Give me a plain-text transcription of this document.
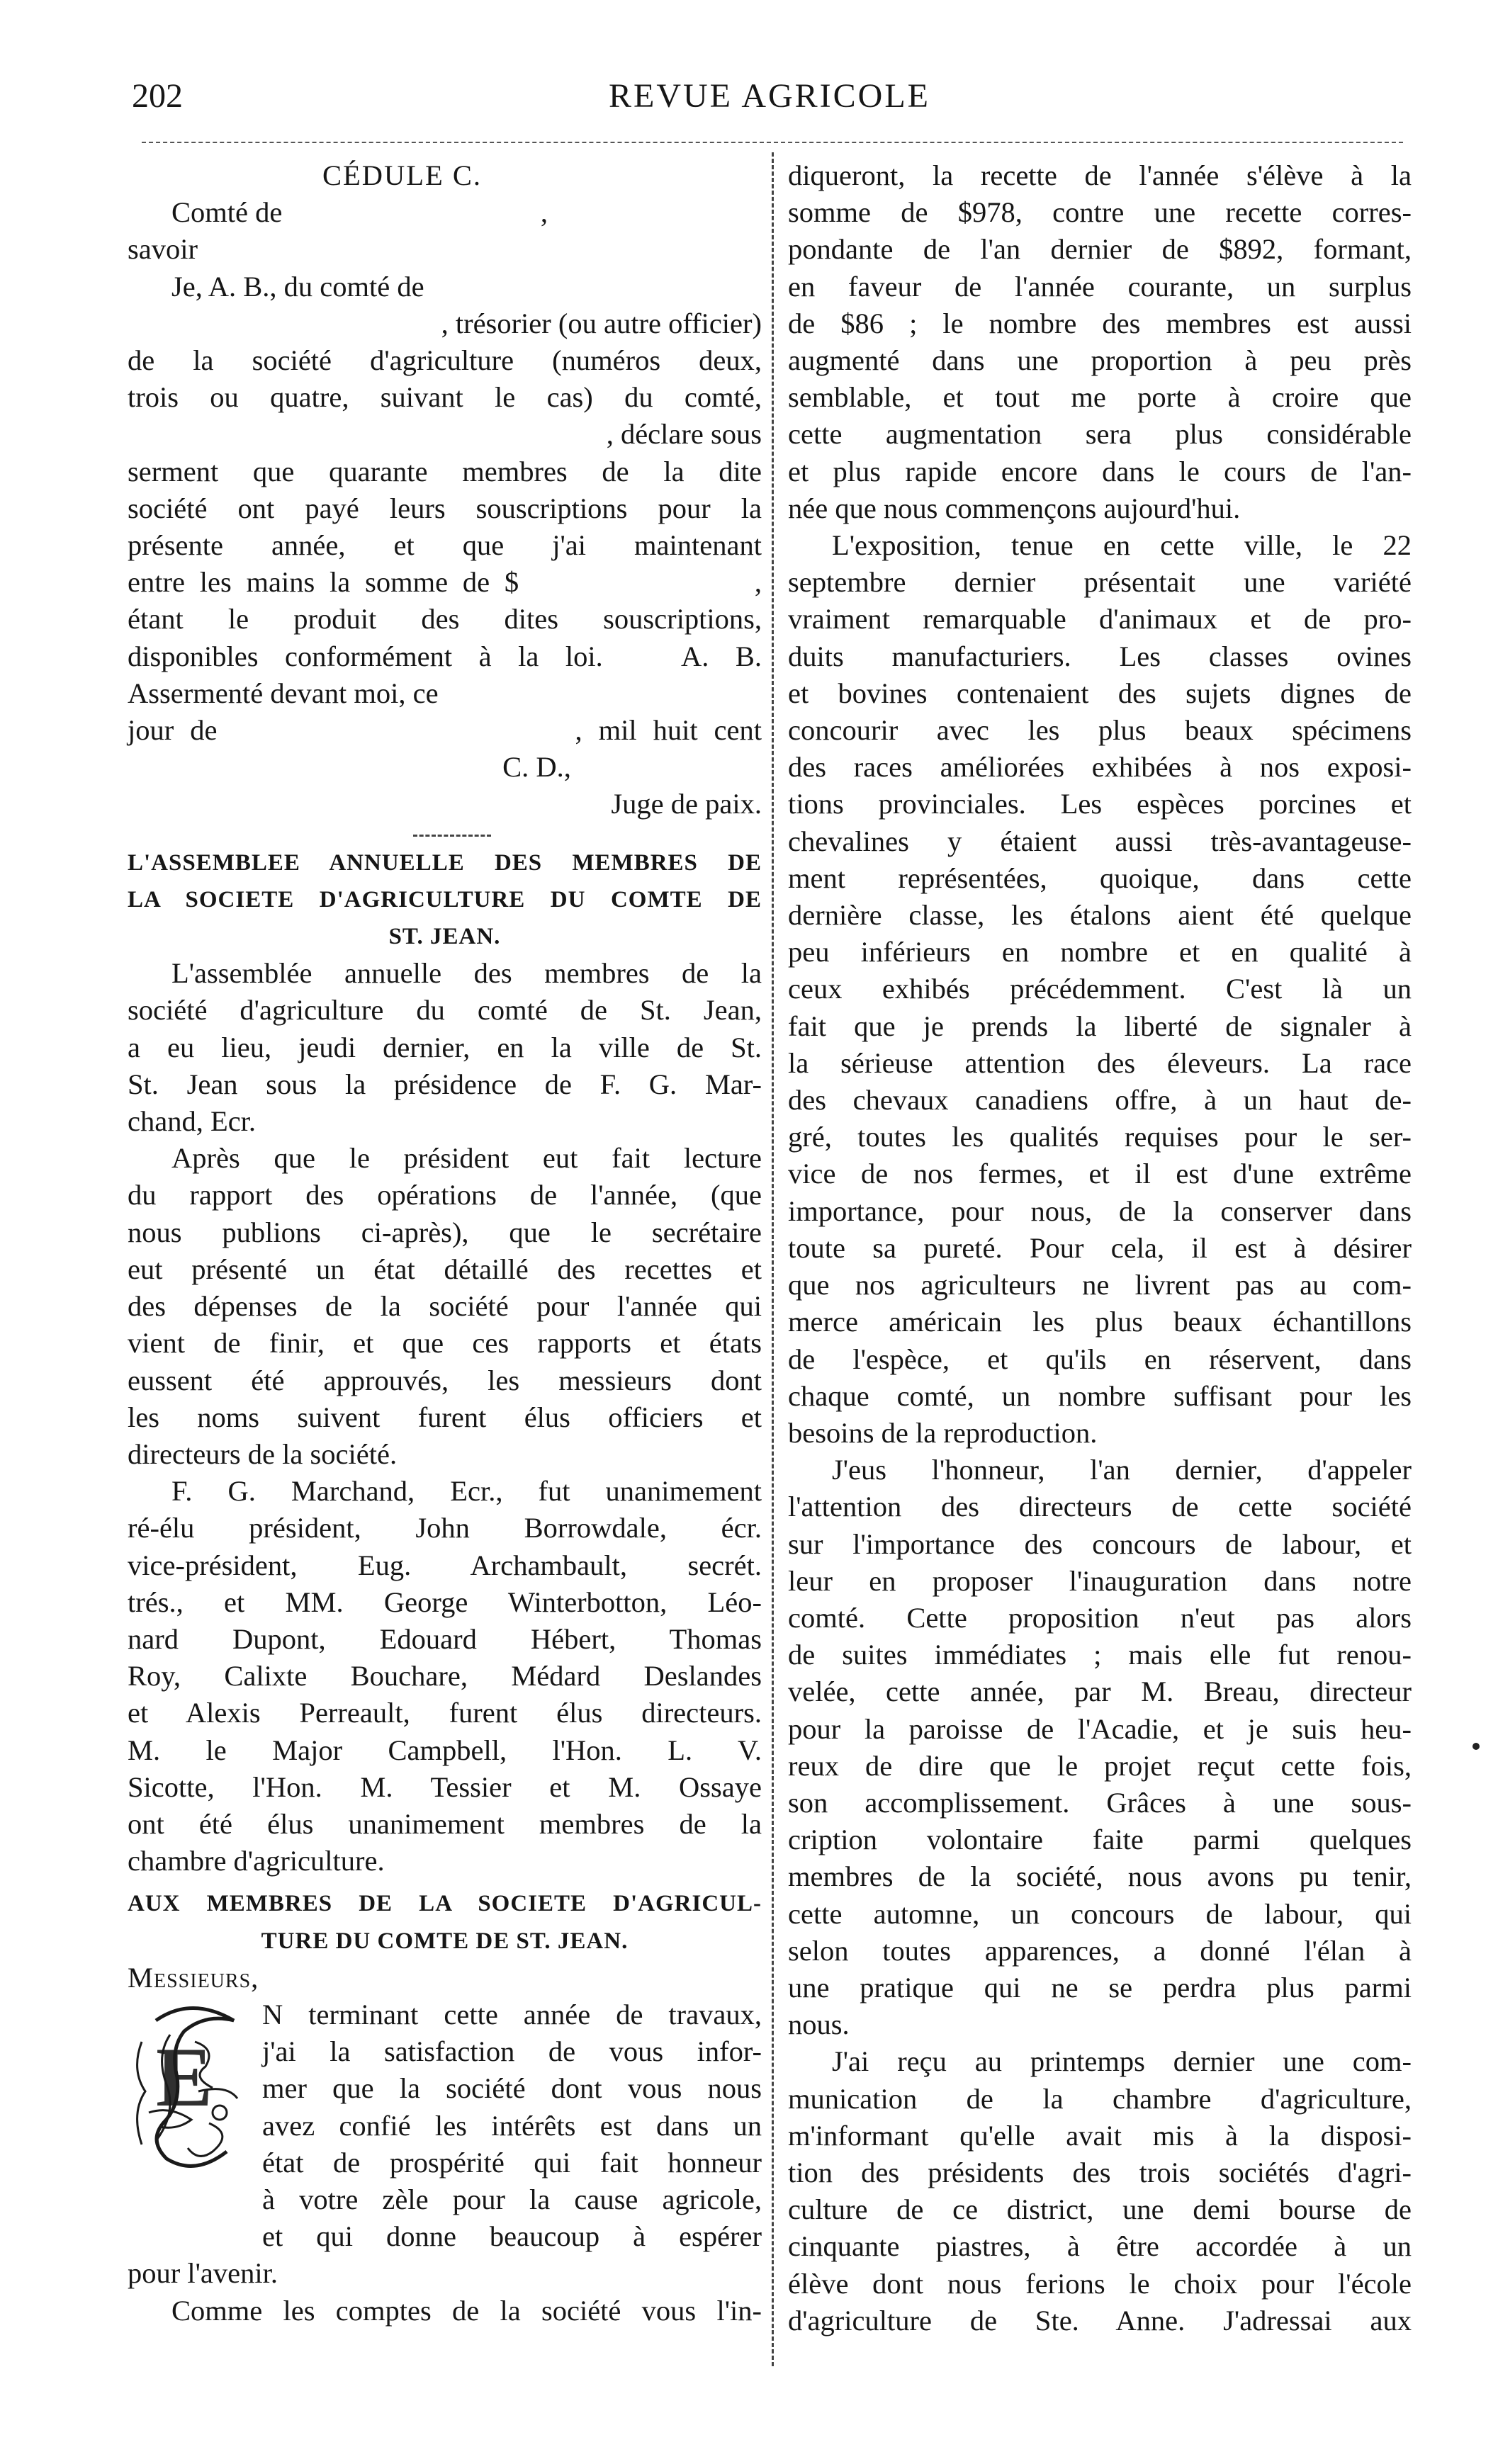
202	REVUE AGRICOLE
CÉDULE C.
Comté de                                    ,
savoir
Je, A. B., du comté de
, trésorier (ou autre officier)
de la société d'agriculture (numéros deux,
trois ou quatre, suivant le cas) du comté,
, déclare sous
serment que quarante membres de la dite
société ont payé leurs souscriptions pour la
présente année, et que j'ai maintenant
entre les mains la somme de $                ,
étant le produit des dites souscriptions,
disponibles conformément à la loi.   A. B.
Assermenté devant moi, ce
jour de                      , mil huit cent
C. D.,
Juge de paix.
L'ASSEMBLEE ANNUELLE DES MEMBRES DE
LA SOCIETE D'AGRICULTURE DU COMTE DE
ST. JEAN.
L'assemblée annuelle des membres de la
société d'agriculture du comté de St. Jean,
a eu lieu, jeudi dernier, en la ville de St.
St. Jean sous la présidence de F. G. Mar-
chand, Ecr.
Après que le président eut fait lecture
du rapport des opérations de l'année, (que
nous publions ci-après), que le secrétaire
eut présenté un état détaillé des recettes et
des dépenses de la société pour l'année qui
vient de finir, et que ces rapports et états
eussent été approuvés, les messieurs dont
les noms suivent furent élus officiers et
directeurs de la société.
F. G. Marchand, Ecr., fut unanimement
ré-élu président, John Borrowdale, écr.
vice-président, Eug. Archambault, secrét.
trés., et MM. George Winterbotton, Léo-
nard Dupont, Edouard Hébert, Thomas
Roy, Calixte Bouchare, Médard Deslandes
et Alexis Perreault, furent élus directeurs.
M. le Major Campbell, l'Hon. L. V.
Sicotte, l'Hon. M. Tessier et M. Ossaye
ont été élus unanimement membres de la
chambre d'agriculture.
AUX MEMBRES DE LA SOCIETE D'AGRICUL-
TURE DU COMTE DE ST. JEAN.
Messieurs,
E
N terminant cette année de travaux,
j'ai la satisfaction de vous infor-
mer que la société dont vous nous
avez confié les intérêts est dans un
état de prospérité qui fait honneur
à votre zèle pour la cause agricole,
et qui donne beaucoup à espérer
pour l'avenir.
Comme les comptes de la société vous l'in-
diqueront, la recette de l'année s'élève à la
somme de $978, contre une recette corres-
pondante de l'an dernier de $892, formant,
en faveur de l'année courante, un surplus
de $86 ; le nombre des membres est aussi
augmenté dans une proportion à peu près
semblable, et tout me porte à croire que
cette augmentation sera plus considérable
et plus rapide encore dans le cours de l'an-
née que nous commençons aujourd'hui.
L'exposition, tenue en cette ville, le 22
septembre dernier présentait une variété
vraiment remarquable d'animaux et de pro-
duits manufacturiers. Les classes ovines
et bovines contenaient des sujets dignes de
concourir avec les plus beaux spécimens
des races améliorées exhibées à nos exposi-
tions provinciales. Les espèces porcines et
chevalines y étaient aussi très-avantageuse-
ment représentées, quoique, dans cette
dernière classe, les étalons aient été quelque
peu inférieurs en nombre et en qualité à
ceux exhibés précédemment. C'est là un
fait que je prends la liberté de signaler à
la sérieuse attention des éleveurs. La race
des chevaux canadiens offre, à un haut de-
gré, toutes les qualités requises pour le ser-
vice de nos fermes, et il est d'une extrême
importance, pour nous, de la conserver dans
toute sa pureté. Pour cela, il est à désirer
que nos agriculteurs ne livrent pas au com-
merce américain les plus beaux échantillons
de l'espèce, et qu'ils en réservent, dans
chaque comté, un nombre suffisant pour les
besoins de la reproduction.
J'eus l'honneur, l'an dernier, d'appeler
l'attention des directeurs de cette société
sur l'importance des concours de labour, et
leur en proposer l'inauguration dans notre
comté. Cette proposition n'eut pas alors
de suites immédiates ; mais elle fut renou-
velée, cette année, par M. Breau, directeur
pour la paroisse de l'Acadie, et je suis heu-
reux de dire que le projet reçut cette fois,
son accomplissement. Grâces à une sous-
cription volontaire faite parmi quelques
membres de la société, nous avons pu tenir,
cette automne, un concours de labour, qui
selon toutes apparences, a donné l'élan à
une pratique qui ne se perdra plus parmi
nous.
J'ai reçu au printemps dernier une com-
munication de la chambre d'agriculture,
m'informant qu'elle avait mis à la disposi-
tion des présidents des trois sociétés d'agri-
culture de ce district, une demi bourse de
cinquante piastres, à être accordée à un
élève dont nous ferions le choix pour l'école
d'agriculture de Ste. Anne. J'adressai aux
